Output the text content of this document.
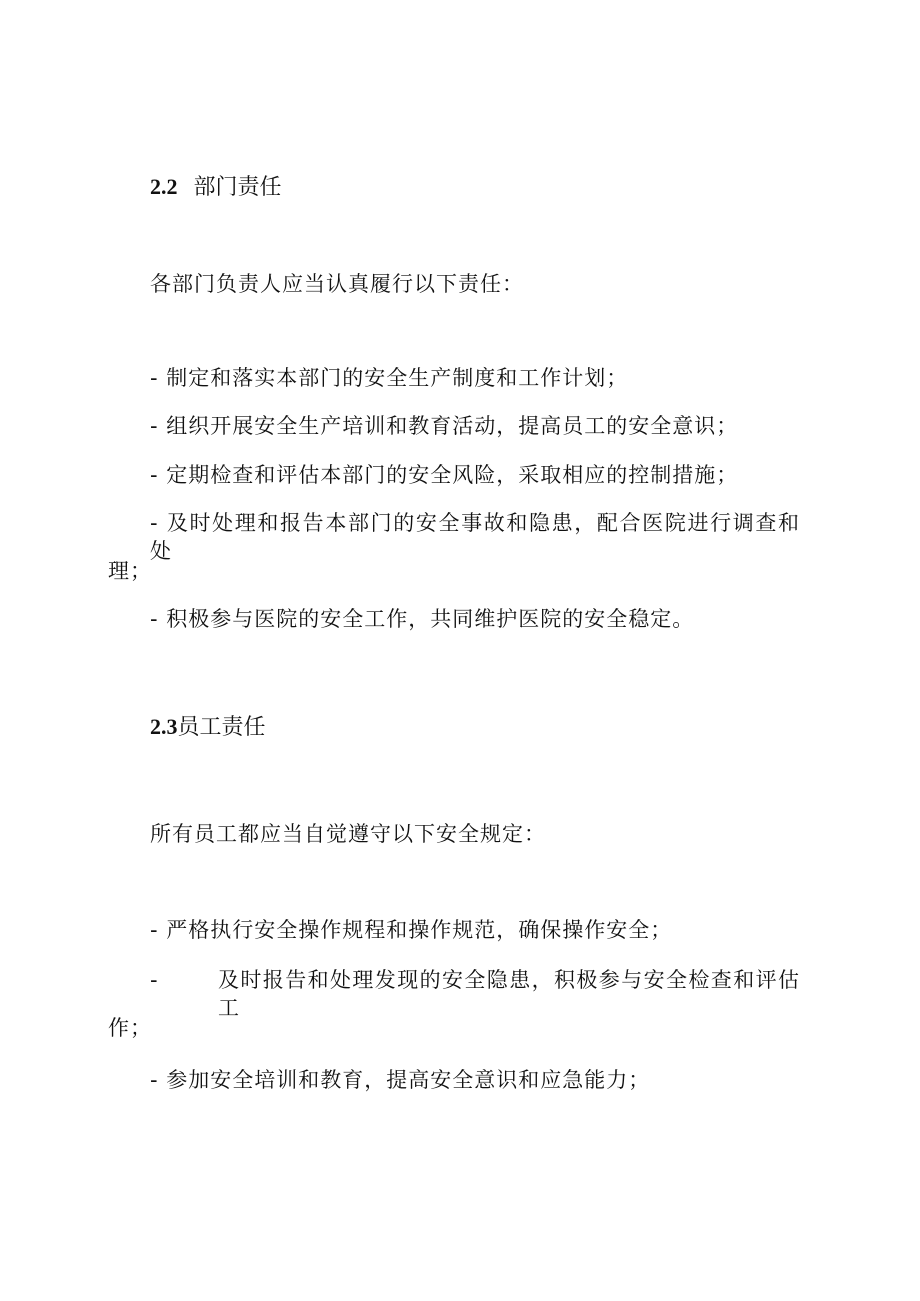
2.2 部门责任
各部门负责人应当认真履行以下责任：
- 制定和落实本部门的安全生产制度和工作计划；
- 组织开展安全生产培训和教育活动，提高员工的安全意识；
- 定期检查和评估本部门的安全风险，采取相应的控制措施；
- 及时处理和报告本部门的安全事故和隐患，配合医院进行调查和处
理；
- 积极参与医院的安全工作，共同维护医院的安全稳定。
2.3员工责任
所有员工都应当自觉遵守以下安全规定：
- 严格执行安全操作规程和操作规范，确保操作安全；
-	及时报告和处理发现的安全隐患，积极参与安全检查和评估工
作；
- 参加安全培训和教育，提高安全意识和应急能力；
